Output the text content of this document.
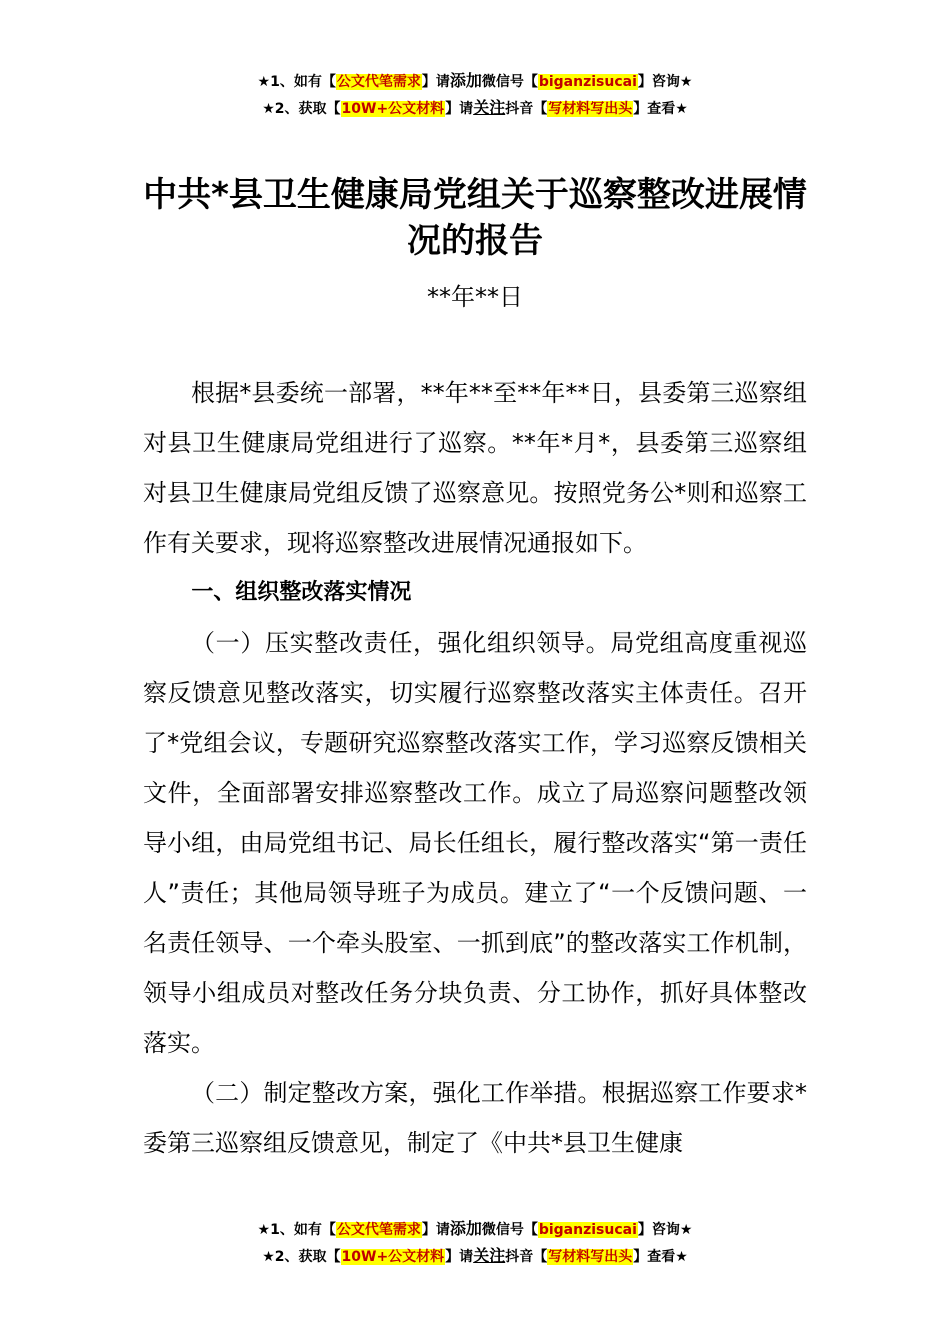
★1、如有【公文代笔需求】请添加微信号【biganzisucai】咨询★
★2、获取【10W+公文材料】请关注抖音【写材料写出头】查看★
中共*县卫生健康局党组关于巡察整改进展情况的报告
**年**日

根据*县委统一部署，**年**至**年**日，县委第三巡察组对县卫生健康局党组进行了巡察。**年*月*，县委第三巡察组对县卫生健康局党组反馈了巡察意见。按照党务公*则和巡察工作有关要求，现将巡察整改进展情况通报如下。

一、组织整改落实情况

（一）压实整改责任，强化组织领导。局党组高度重视巡察反馈意见整改落实，切实履行巡察整改落实主体责任。召开了*党组会议，专题研究巡察整改落实工作，学习巡察反馈相关文件，全面部署安排巡察整改工作。成立了局巡察问题整改领导小组，由局党组书记、局长任组长，履行整改落实“第一责任人”责任；其他局领导班子为成员。建立了“一个反馈问题、一名责任领导、一个牵头股室、一抓到底”的整改落实工作机制，领导小组成员对整改任务分块负责、分工协作，抓好具体整改落实。

（二）制定整改方案，强化工作举措。根据巡察工作要求*委第三巡察组反馈意见，制定了《中共*县卫生健康

★1、如有【公文代笔需求】请添加微信号【biganzisucai】咨询★
★2、获取【10W+公文材料】请关注抖音【写材料写出头】查看★
